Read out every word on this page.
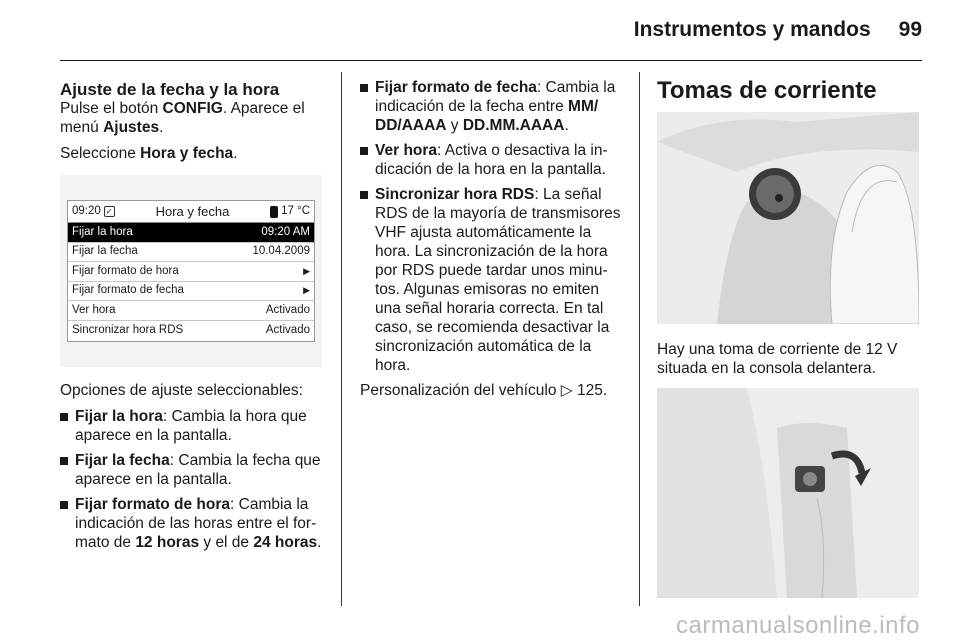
Instrumentos y mandos 99
Ajuste de la fecha y la hora

Pulse el botón CONFIG. Aparece el menú Ajustes.

Seleccione Hora y fecha.

09:20 ✓	Hora y fecha	17 °C
Fijar la hora	09:20 AM
Fijar la fecha	10.04.2009
Fijar formato de hora	▶
Fijar formato de fecha	▶
Ver hora	Activado
Sincronizar hora RDS	Activado

Opciones de ajuste seleccionables:

Fijar la hora: Cambia la hora que aparece en la pantalla.
Fijar la fecha: Cambia la fecha que aparece en la pantalla.
Fijar formato de hora: Cambia la indicación de las horas entre el formato de 12 horas y el de 24 horas.
Fijar formato de fecha: Cambia la indicación de la fecha entre MM/ DD/AAAA y DD.MM.AAAA.
Ver hora: Activa o desactiva la indicación de la hora en la pantalla.
Sincronizar hora RDS: La señal RDS de la mayoría de transmisores VHF ajusta automáticamente la hora. La sincronización de la hora por RDS puede tardar unos minutos. Algunas emisoras no emiten una señal horaria correcta. En tal caso, se recomienda desactivar la sincronización automática de la hora.

Personalización del vehículo ▷ 125.

Tomas de corriente

Hay una toma de corriente de 12 V situada en la consola delantera.

carmanualsonline.info
